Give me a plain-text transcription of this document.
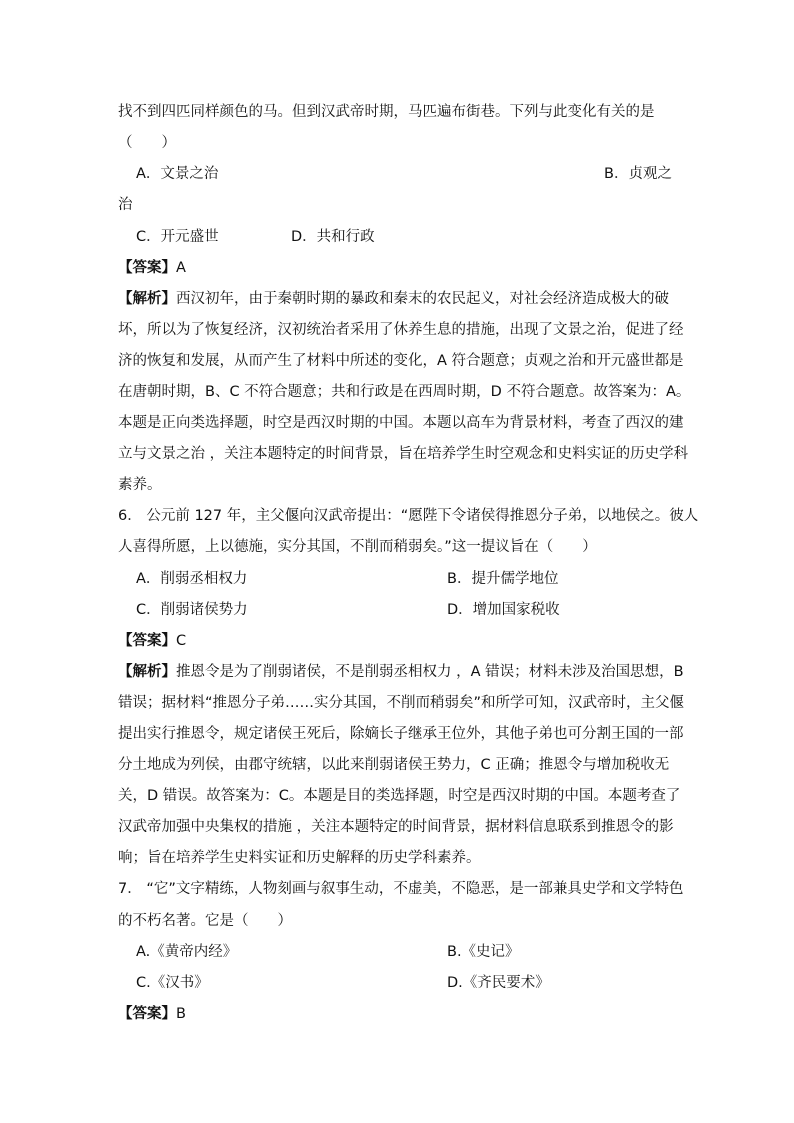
找不到四匹同样颜色的马。但到汉武帝时期，马匹遍布街巷。下列与此变化有关的是
（　　）
A．文景之治	B．贞观之
治
C．开元盛世	D．共和行政
【答案】A
【解析】西汉初年，由于秦朝时期的暴政和秦末的农民起义，对社会经济造成极大的破
坏，所以为了恢复经济，汉初统治者采用了休养生息的措施，出现了文景之治，促进了经
济的恢复和发展，从而产生了材料中所述的变化，A 符合题意；贞观之治和开元盛世都是
在唐朝时期，B、C 不符合题意；共和行政是在西周时期，D 不符合题意。故答案为：A。
本题是正向类选择题，时空是西汉时期的中国。本题以高车为背景材料，考查了西汉的建
立与文景之治 ，关注本题特定的时间背景，旨在培养学生时空观念和史料实证的历史学科
素养。
6． 公元前 127 年，主父偃向汉武帝提出：“愿陛下令诸侯得推恩分子弟，以地侯之。彼人
人喜得所愿，上以德施，实分其国，不削而稍弱矣。”这一提议旨在（　　）
A．削弱丞相权力	B．提升儒学地位
C．削弱诸侯势力	D．增加国家税收
【答案】C
【解析】推恩令是为了削弱诸侯，不是削弱丞相权力 ，A 错误；材料未涉及治国思想，B
错误；据材料“推恩分子弟……实分其国，不削而稍弱矣”和所学可知，汉武帝时，主父偃
提出实行推恩令，规定诸侯王死后，除嫡长子继承王位外，其他子弟也可分割王国的一部
分土地成为列侯，由郡守统辖，以此来削弱诸侯王势力，C 正确；推恩令与增加税收无
关，D 错误。故答案为：C。本题是目的类选择题，时空是西汉时期的中国。本题考查了
汉武帝加强中央集权的措施 ，关注本题特定的时间背景，据材料信息联系到推恩令的影
响；旨在培养学生史料实证和历史解释的历史学科素养。
7． “它”文字精练，人物刻画与叙事生动，不虚美，不隐恶，是一部兼具史学和文学特色
的不朽名著。它是（　　）
A.《黄帝内经》	B.《史记》
C.《汉书》	D.《齐民要术》
【答案】B
